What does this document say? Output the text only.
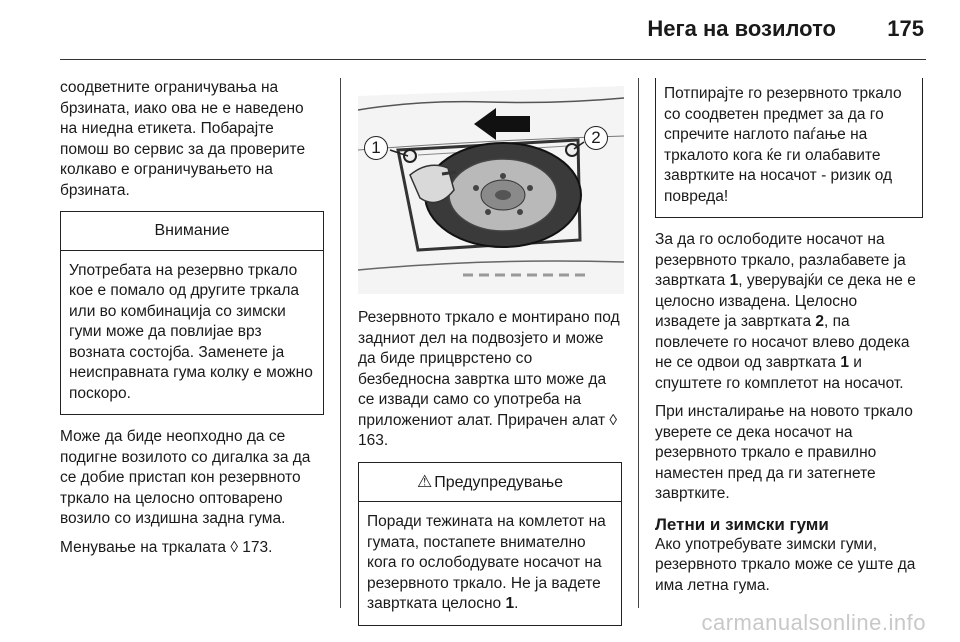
Нега на возилото 175

соодветните ограничувања на брзината, иако ова не е наведено на ниедна етикета. Побарајте помош во сервис за да проверите колкаво е ограничувањето на брзината.

Внимание
Употребата на резервно тркало кое е помало од другите тркала или во комбинација со зимски гуми може да повлијае врз возната состојба. Заменете ја неисправната гума колку е можно поскоро.

Може да биде неопходно да се подигне возилото со дигалка за да се добие пристап кон резервното тркало на целосно оптоварено возило со издишна задна гума.

Менување на тркалата ◊ 173.

1
2

Резервното тркало е монтирано под задниот дел на подвозјето и може да биде прицврстено со безбедносна завртка што може да се извади само со употреба на приложениот алат. Прирачен алат ◊ 163.

⚠ Предупредување
Поради тежината на комлетот на гумата, постапете внимателно кога го ослободувате носачот на резервното тркало. Не ја вадете завртката целосно 1.
Потпирајте го резервното тркало со соодветен предмет за да го спречите наглото паѓање на тркалото кога ќе ги олабавите завртките на носачот - ризик од повреда!

За да го ослободите носачот на резервното тркало, разлабавете ја завртката 1, уверувајќи се дека не е целосно извадена. Целосно извадете ја завртката 2, па повлечете го носачот влево додека не се одвои од завртката 1 и спуштете го комплетот на носачот.

При инсталирање на новото тркало уверете се дека носачот на резервното тркало е правилно наместен пред да ги затегнете завртките.

Летни и зимски гуми

Ако употребувате зимски гуми, резервното тркало може се уште да има летна гума.

carmanualsonline.info
